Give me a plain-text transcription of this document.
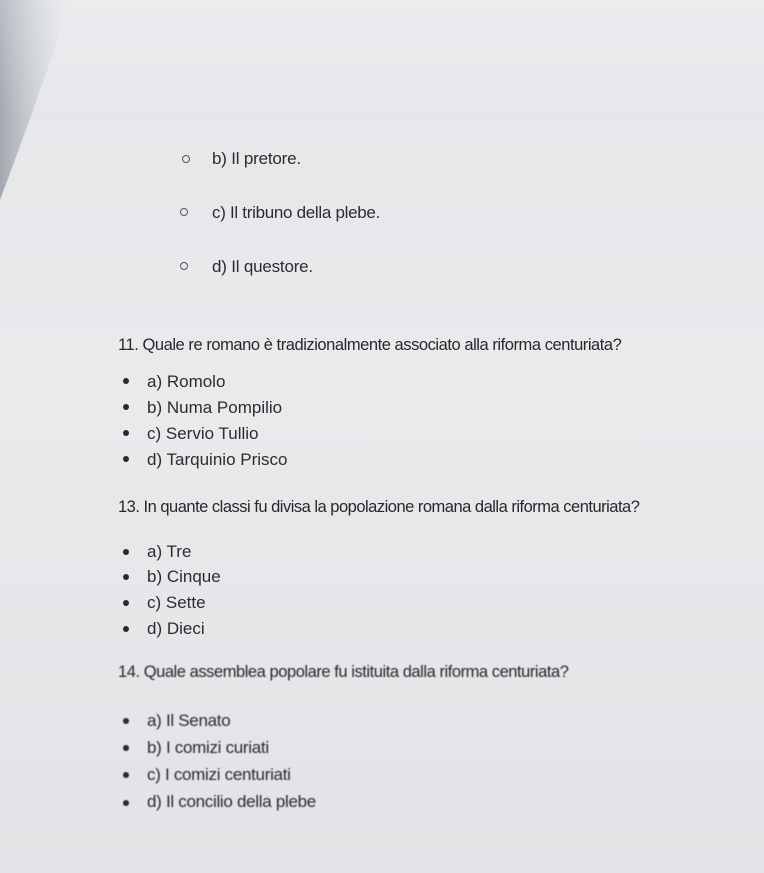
b) Il pretore.
c) Il tribuno della plebe.
d) Il questore.
11. Quale re romano è tradizionalmente associato alla riforma centuriata?
a) Romolo
b) Numa Pompilio
c) Servio Tullio
d) Tarquinio Prisco
13. In quante classi fu divisa la popolazione romana dalla riforma centuriata?
a) Tre
b) Cinque
c) Sette
d) Dieci
14. Quale assemblea popolare fu istituita dalla riforma centuriata?
a) Il Senato
b) I comizi curiati
c) I comizi centuriati
d) Il concilio della plebe
